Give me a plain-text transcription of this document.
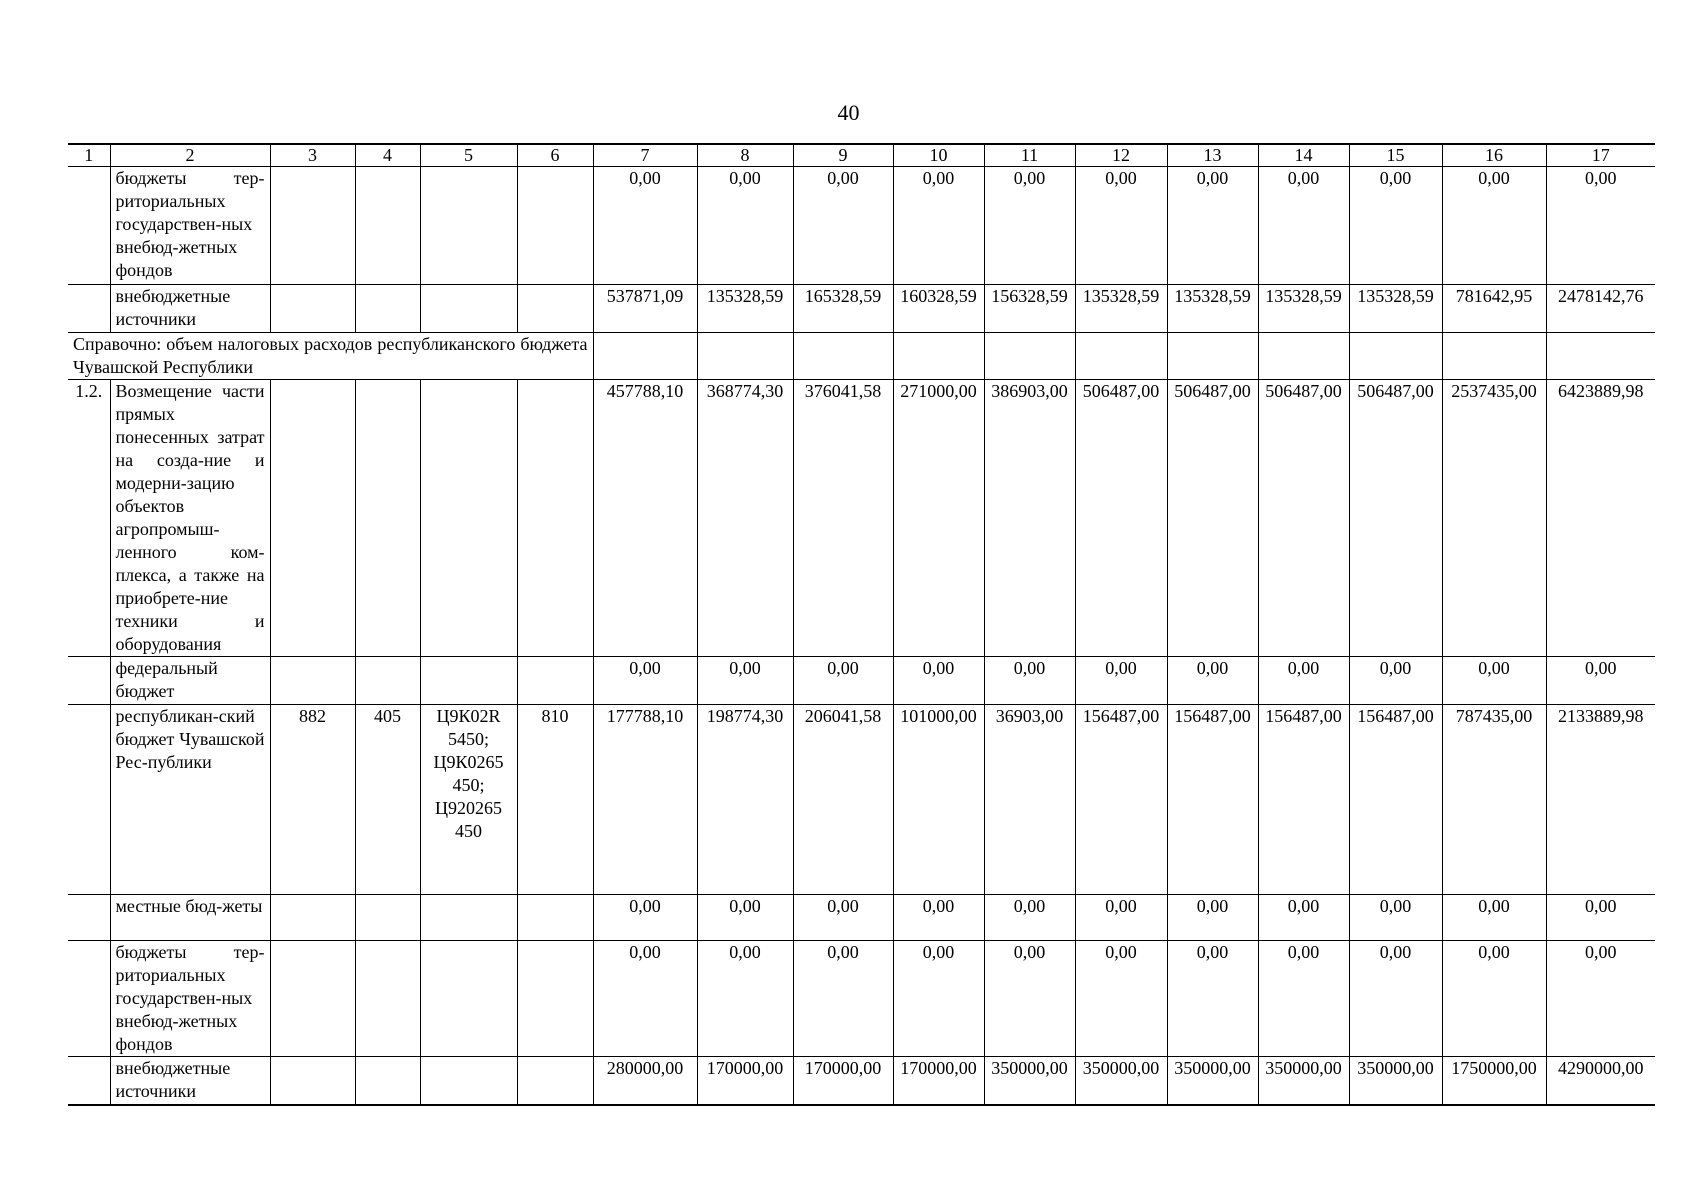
40
1	2	3	4	5	6	7	8	9	10	11	12	13	14	15	16	17
	бюджеты тер-риториальных государствен-ных внебюд-жетных фондов					0,00	0,00	0,00	0,00	0,00	0,00	0,00	0,00	0,00	0,00	0,00
	внебюджетные источники					537871,09	135328,59	165328,59	160328,59	156328,59	135328,59	135328,59	135328,59	135328,59	781642,95	2478142,76
Справочно: объем налоговых расходов республиканского бюджета Чувашской Республики																
1.2.	Возмещение части прямых понесенных затрат на созда-ние и модерни-зацию объектов агропромыш-ленного ком-плекса, а также на приобрете-ние техники и оборудования					457788,10	368774,30	376041,58	271000,00	386903,00	506487,00	506487,00	506487,00	506487,00	2537435,00	6423889,98
	федеральный бюджет					0,00	0,00	0,00	0,00	0,00	0,00	0,00	0,00	0,00	0,00	0,00
	республикан-ский бюджет Чувашской Рес-публики	882	405	Ц9К02R 5450; Ц9К0265 450; Ц920265 450	810	177788,10	198774,30	206041,58	101000,00	36903,00	156487,00	156487,00	156487,00	156487,00	787435,00	2133889,98
	местные бюд-жеты					0,00	0,00	0,00	0,00	0,00	0,00	0,00	0,00	0,00	0,00	0,00
	бюджеты тер-риториальных государствен-ных внебюд-жетных фондов					0,00	0,00	0,00	0,00	0,00	0,00	0,00	0,00	0,00	0,00	0,00
	внебюджетные источники					280000,00	170000,00	170000,00	170000,00	350000,00	350000,00	350000,00	350000,00	350000,00	1750000,00	4290000,00
